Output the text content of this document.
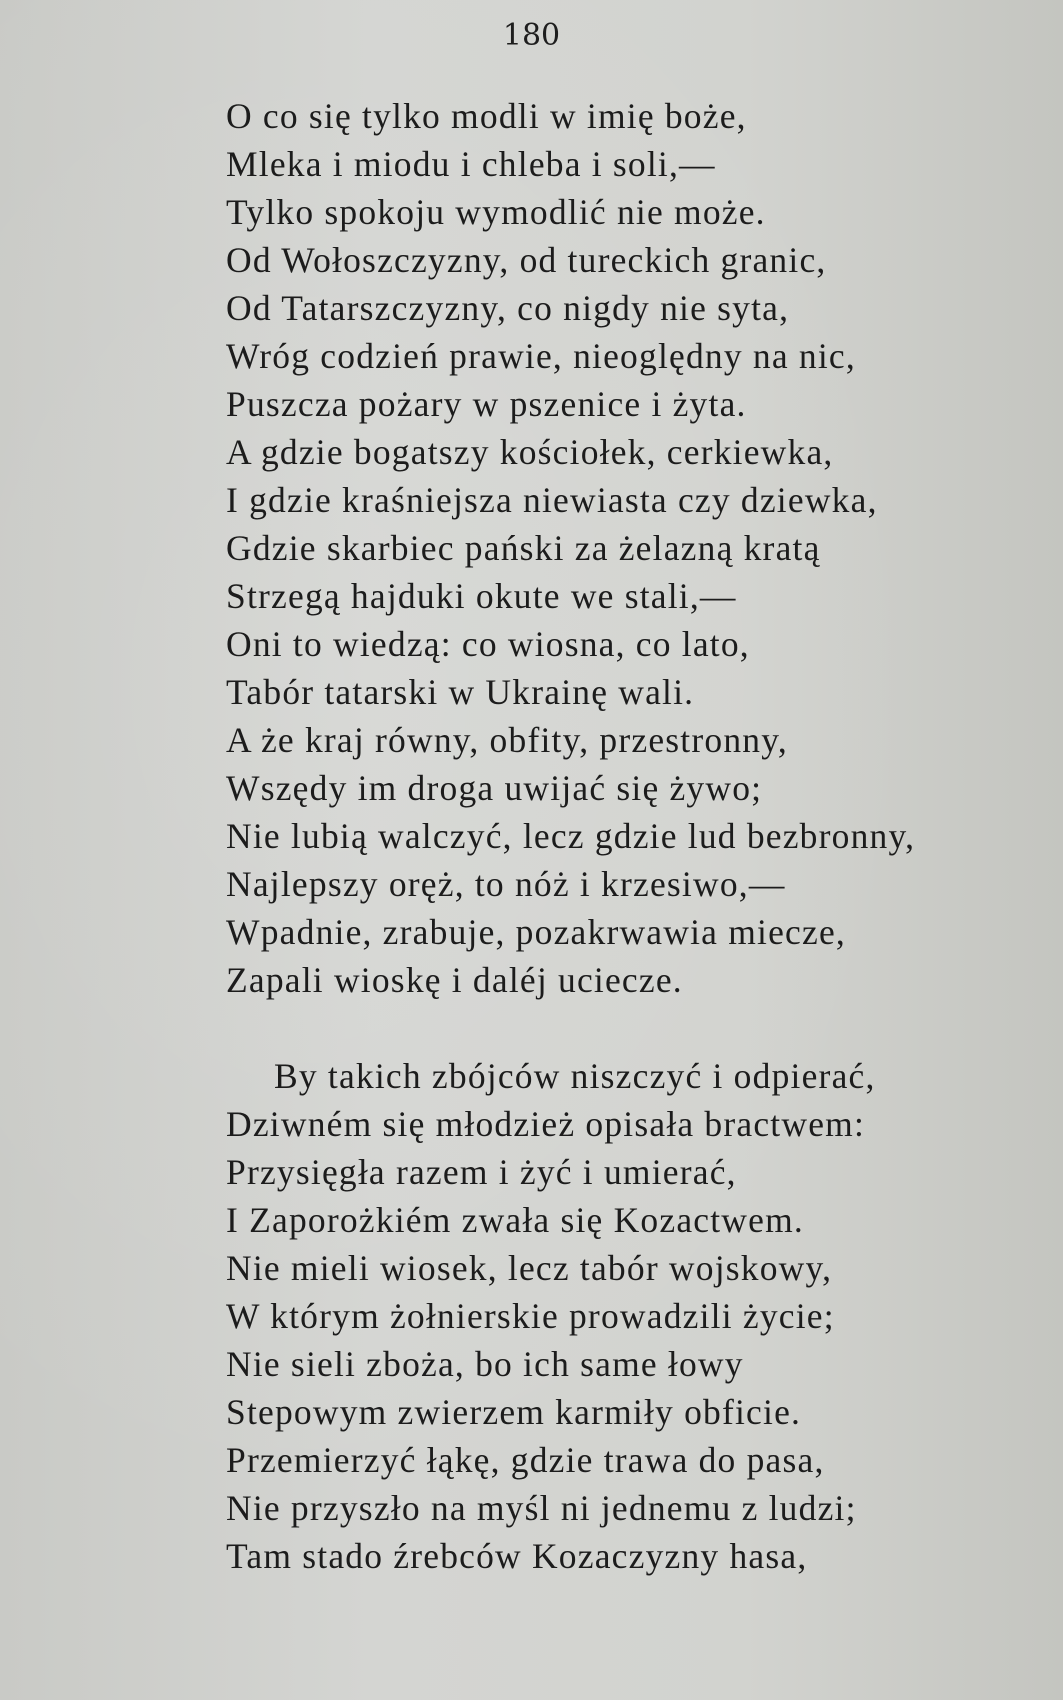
180
O co się tylko modli w imię boże,
Mleka i miodu i chleba i soli,—
Tylko spokoju wymodlić nie może.
Od Wołoszczyzny, od tureckich granic,
Od Tatarszczyzny, co nigdy nie syta,
Wróg codzień prawie, nieoględny na nic,
Puszcza pożary w pszenice i żyta.
A gdzie bogatszy kościołek, cerkiewka,
I gdzie kraśniejsza niewiasta czy dziewka,
Gdzie skarbiec pański za żelazną kratą
Strzegą hajduki okute we stali,—
Oni to wiedzą: co wiosna, co lato,
Tabór tatarski w Ukrainę wali.
A że kraj równy, obfity, przestronny,
Wszędy im droga uwijać się żywo;
Nie lubią walczyć, lecz gdzie lud bezbronny,
Najlepszy oręż, to nóż i krzesiwo,—
Wpadnie, zrabuje, pozakrwawia miecze,
Zapali wioskę i daléj uciecze.
By takich zbójców niszczyć i odpierać,
Dziwném się młodzież opisała bractwem:
Przysięgła razem i żyć i umierać,
I Zaporożkiém zwała się Kozactwem.
Nie mieli wiosek, lecz tabór wojskowy,
W którym żołnierskie prowadzili życie;
Nie sieli zboża, bo ich same łowy
Stepowym zwierzem karmiły obficie.
Przemierzyć łąkę, gdzie trawa do pasa,
Nie przyszło na myśl ni jednemu z ludzi;
Tam stado źrebców Kozaczyzny hasa,
